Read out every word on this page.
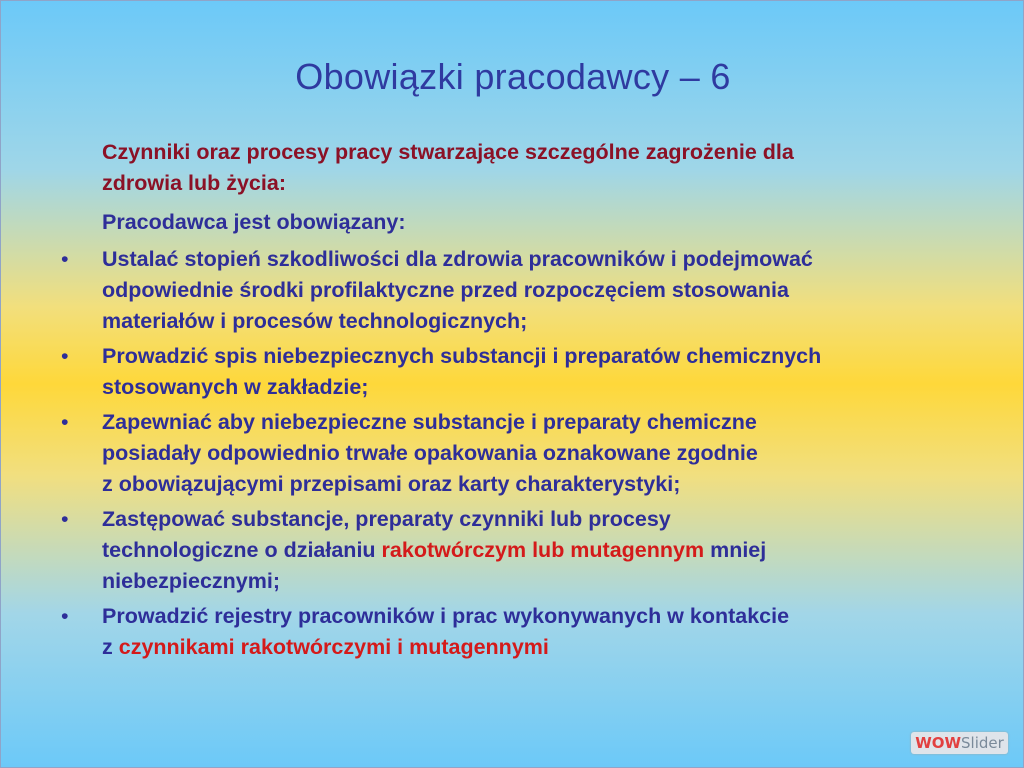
Obowiązki pracodawcy – 6
Czynniki oraz procesy pracy stwarzające szczególne zagrożenie dla
zdrowia lub życia:
Pracodawca jest obowiązany:
• Ustalać stopień szkodliwości dla zdrowia pracowników i podejmować
odpowiednie środki profilaktyczne przed rozpoczęciem stosowania
materiałów i procesów technologicznych;
• Prowadzić spis niebezpiecznych substancji i preparatów chemicznych
stosowanych w zakładzie;
• Zapewniać aby niebezpieczne substancje i preparaty chemiczne
posiadały odpowiednio trwałe opakowania oznakowane zgodnie
z obowiązującymi przepisami oraz karty charakterystyki;
• Zastępować substancje, preparaty czynniki lub procesy
technologiczne o działaniu rakotwórczym lub mutagennym mniej
niebezpiecznymi;
• Prowadzić rejestry pracowników i prac wykonywanych w kontakcie
z czynnikami rakotwórczymi i mutagennymi
WOWSlider
